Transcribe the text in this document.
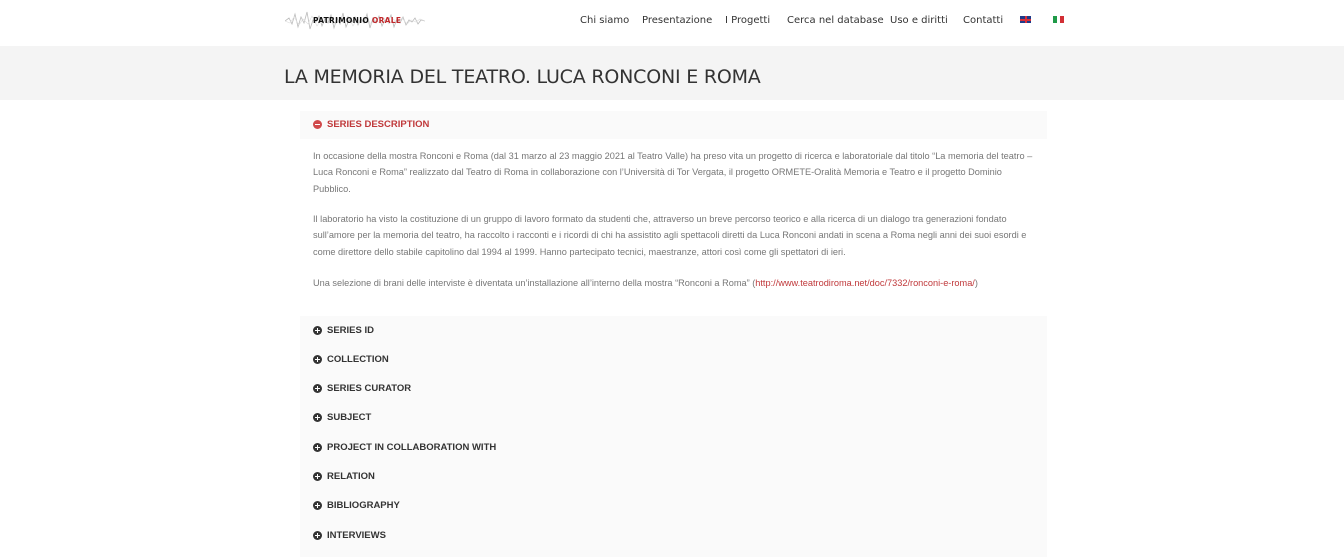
PATRIMONIO ORALE	Chi siamo Presentazione I Progetti Cerca nel database Uso e diritti Contatti
LA MEMORIA DEL TEATRO. LUCA RONCONI E ROMA
SERIES DESCRIPTION
In occasione della mostra Ronconi e Roma (dal 31 marzo al 23 maggio 2021 al Teatro Valle) ha preso vita un progetto di ricerca e laboratoriale dal titolo “La memoria del teatro – Luca Ronconi e Roma” realizzato dal Teatro di Roma in collaborazione con l’Università di Tor Vergata, il progetto ORMETE-Oralità Memoria e Teatro e il progetto Dominio Pubblico.
Il laboratorio ha visto la costituzione di un gruppo di lavoro formato da studenti che, attraverso un breve percorso teorico e alla ricerca di un dialogo tra generazioni fondato sull’amore per la memoria del teatro, ha raccolto i racconti e i ricordi di chi ha assistito agli spettacoli diretti da Luca Ronconi andati in scena a Roma negli anni dei suoi esordi e come direttore dello stabile capitolino dal 1994 al 1999. Hanno partecipato tecnici, maestranze, attori così come gli spettatori di ieri.
Una selezione di brani delle interviste è diventata un’installazione all’interno della mostra “Ronconi a Roma” (http://www.teatrodiroma.net/doc/7332/ronconi-e-roma/)
SERIES ID
COLLECTION
SERIES CURATOR
SUBJECT
PROJECT IN COLLABORATION WITH
RELATION
BIBLIOGRAPHY
INTERVIEWS
